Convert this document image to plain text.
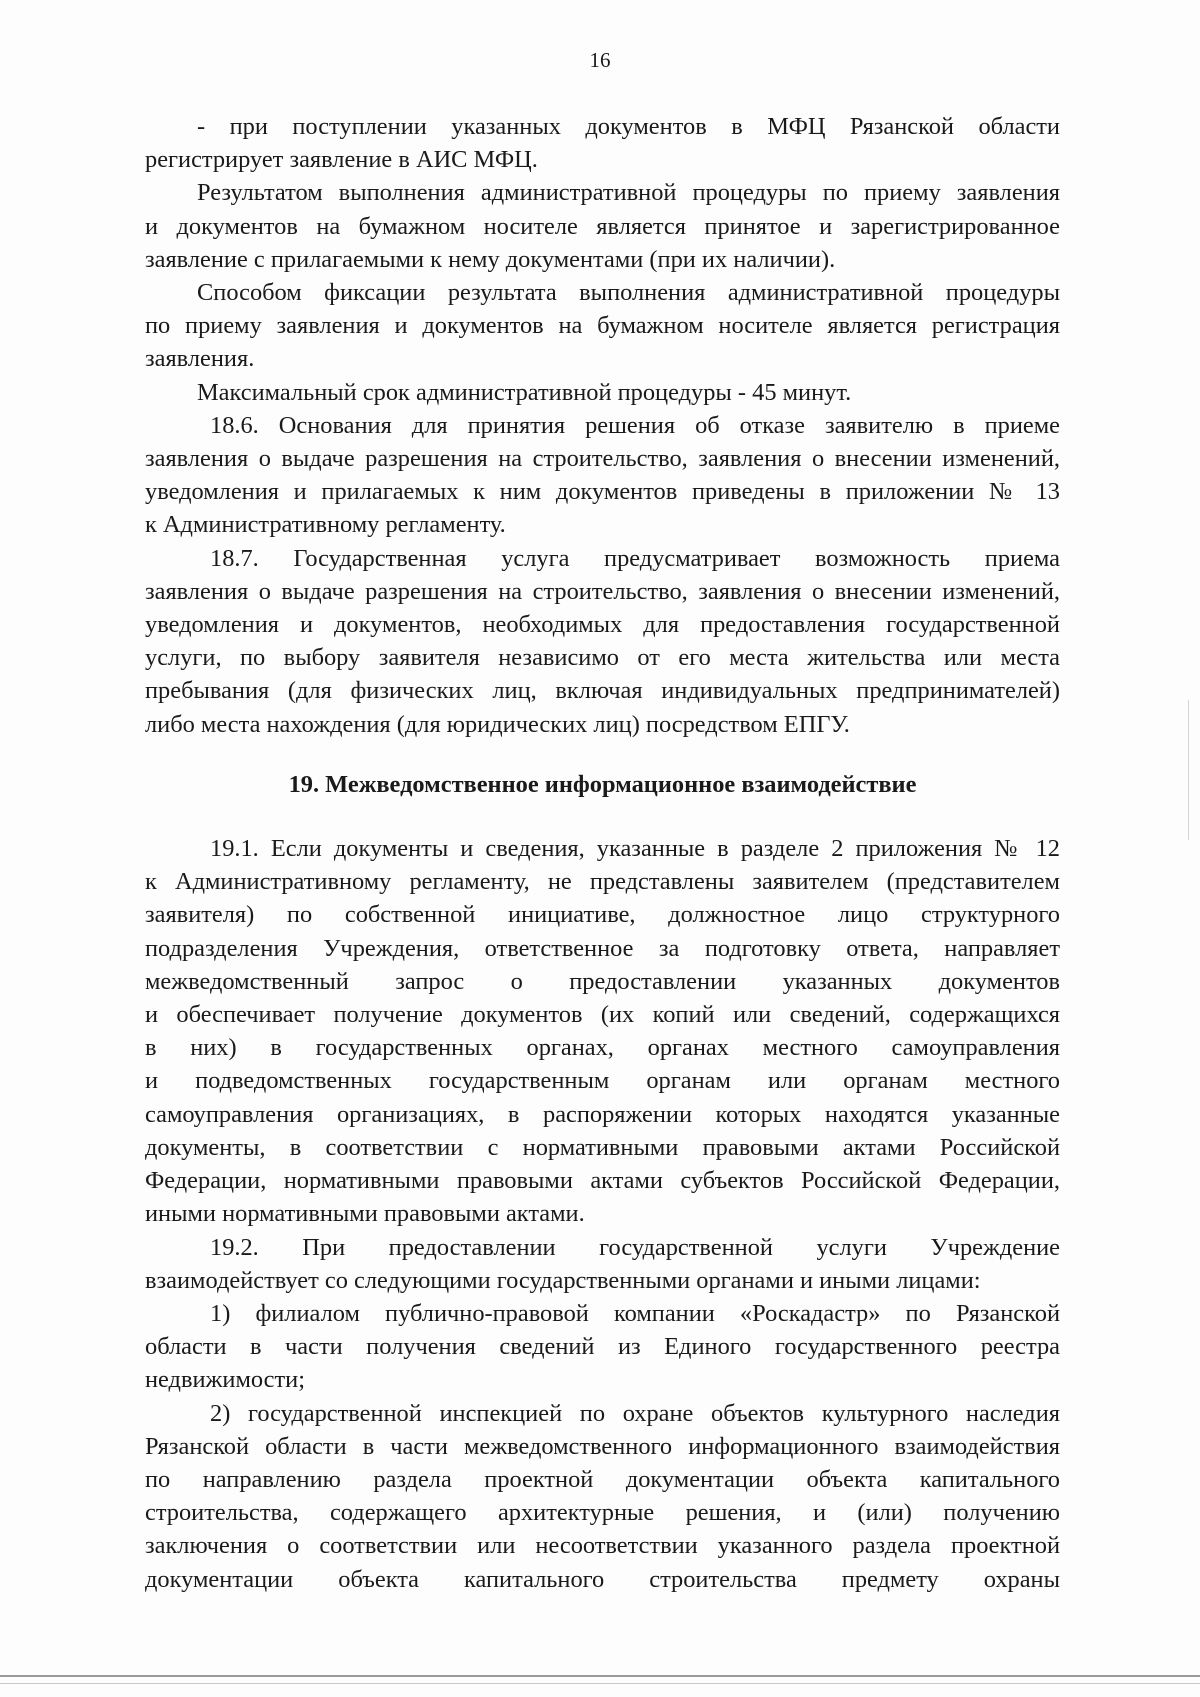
16

- при поступлении указанных документов в МФЦ Рязанской области

регистрирует заявление в АИС МФЦ.

Результатом выполнения административной процедуры по приему заявления

и документов на бумажном носителе является принятое и зарегистрированное

заявление с прилагаемыми к нему документами (при их наличии).

Способом фиксации результата выполнения административной процедуры

по приему заявления и документов на бумажном носителе является регистрация

заявления.

Максимальный срок административной процедуры - 45 минут.

18.6. Основания для принятия решения об отказе заявителю в приеме

заявления о выдаче разрешения на строительство, заявления о внесении изменений,

уведомления и прилагаемых к ним документов приведены в приложении № 13

к Административному регламенту.

18.7. Государственная услуга предусматривает возможность приема

заявления о выдаче разрешения на строительство, заявления о внесении изменений,

уведомления и документов, необходимых для предоставления государственной

услуги, по выбору заявителя независимо от его места жительства или места

пребывания (для физических лиц, включая индивидуальных предпринимателей)

либо места нахождения (для юридических лиц) посредством ЕПГУ.

19. Межведомственное информационное взаимодействие

19.1. Если документы и сведения, указанные в разделе 2 приложения № 12

к Административному регламенту, не представлены заявителем (представителем

заявителя) по собственной инициативе, должностное лицо структурного

подразделения Учреждения, ответственное за подготовку ответа, направляет

межведомственный запрос о предоставлении указанных документов

и обеспечивает получение документов (их копий или сведений, содержащихся

в них) в государственных органах, органах местного самоуправления

и подведомственных государственным органам или органам местного

самоуправления организациях, в распоряжении которых находятся указанные

документы, в соответствии с нормативными правовыми актами Российской

Федерации, нормативными правовыми актами субъектов Российской Федерации,

иными нормативными правовыми актами.

19.2. При предоставлении государственной услуги Учреждение

взаимодействует со следующими государственными органами и иными лицами:

1) филиалом публично-правовой компании «Роскадастр» по Рязанской

области в части получения сведений из Единого государственного реестра

недвижимости;

2) государственной инспекцией по охране объектов культурного наследия

Рязанской области в части межведомственного информационного взаимодействия

по направлению раздела проектной документации объекта капитального

строительства, содержащего архитектурные решения, и (или) получению

заключения о соответствии или несоответствии указанного раздела проектной

документации объекта капитального строительства предмету охраны
